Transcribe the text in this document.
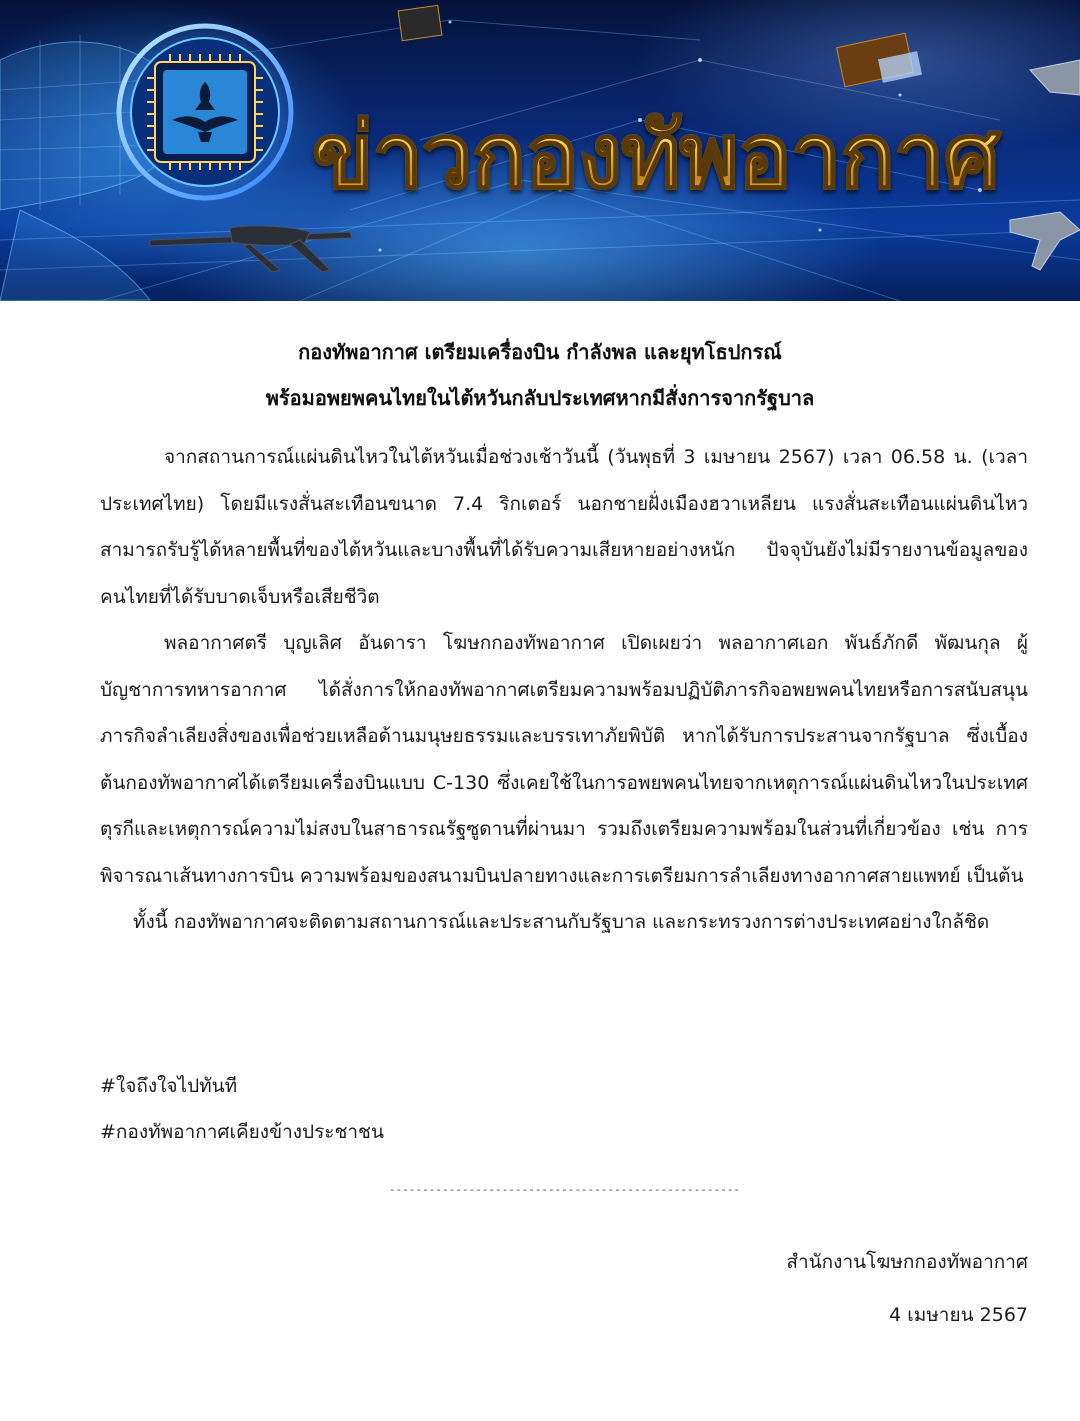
ข่าวกองทัพอากาศ
กองทัพอากาศ เตรียมเครื่องบิน กำลังพล และยุทโธปกรณ์
พร้อมอพยพคนไทยในไต้หวันกลับประเทศหากมีสั่งการจากรัฐบาล

จากสถานการณ์แผ่นดินไหวในไต้หวันเมื่อช่วงเช้าวันนี้ (วันพุธที่ 3 เมษายน 2567) เวลา 06.58 น. (เวลาประเทศไทย) โดยมีแรงสั่นสะเทือนขนาด 7.4 ริกเตอร์ นอกชายฝั่งเมืองฮวาเหลียน แรงสั่นสะเทือนแผ่นดินไหวสามารถรับรู้ได้หลายพื้นที่ของไต้หวันและบางพื้นที่ได้รับความเสียหายอย่างหนัก ปัจจุบันยังไม่มีรายงานข้อมูลของคนไทยที่ได้รับบาดเจ็บหรือเสียชีวิต

พลอากาศตรี บุญเลิศ อันดารา โฆษกกองทัพอากาศ เปิดเผยว่า พลอากาศเอก พันธ์ภักดี พัฒนกุล ผู้บัญชาการทหารอากาศ ได้สั่งการให้กองทัพอากาศเตรียมความพร้อมปฏิบัติภารกิจอพยพคนไทยหรือการสนับสนุนภารกิจลำเลียงสิ่งของเพื่อช่วยเหลือด้านมนุษยธรรมและบรรเทาภัยพิบัติ หากได้รับการประสานจากรัฐบาล ซึ่งเบื้องต้นกองทัพอากาศได้เตรียมเครื่องบินแบบ C-130 ซึ่งเคยใช้ในการอพยพคนไทยจากเหตุการณ์แผ่นดินไหวในประเทศตุรกีและเหตุการณ์ความไม่สงบในสาธารณรัฐซูดานที่ผ่านมา รวมถึงเตรียมความพร้อมในส่วนที่เกี่ยวข้อง เช่น การพิจารณาเส้นทางการบิน ความพร้อมของสนามบินปลายทางและการเตรียมการลำเลียงทางอากาศสายแพทย์ เป็นต้น

ทั้งนี้ กองทัพอากาศจะติดตามสถานการณ์และประสานกับรัฐบาล และกระทรวงการต่างประเทศอย่างใกล้ชิด

#ใจถึงใจไปทันที
#กองทัพอากาศเคียงข้างประชาชน
-----------------------------------------------------
สำนักงานโฆษกกองทัพอากาศ
4 เมษายน 2567
